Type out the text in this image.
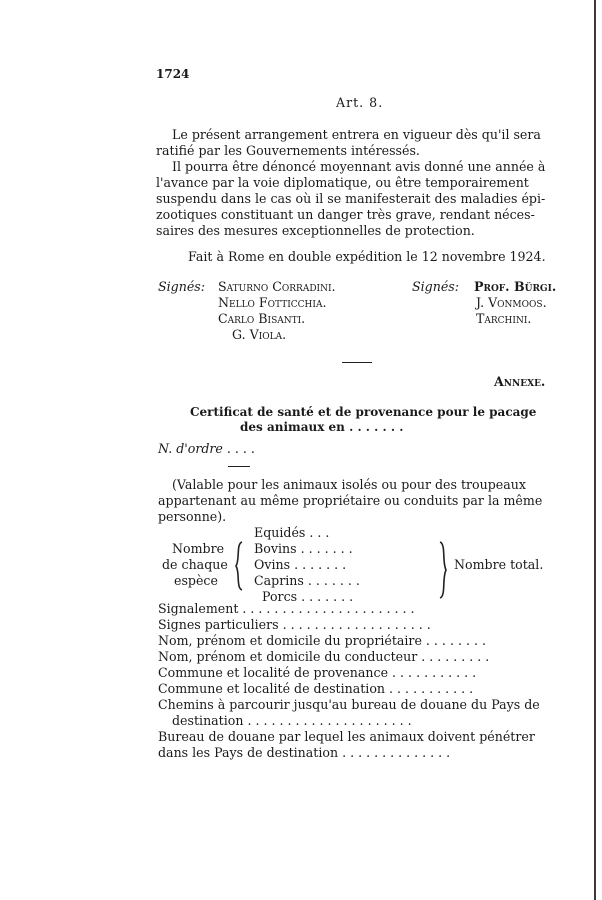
1724
Art. 8.
Le présent arrangement entrera en vigueur dès qu'il sera
ratifié par les Gouvernements intéressés.
Il pourra être dénoncé moyennant avis donné une année à
l'avance par la voie diplomatique, ou être temporairement
suspendu dans le cas où il se manifesterait des maladies épi-
zootiques constituant un danger très grave, rendant néces-
saires des mesures exceptionnelles de protection.
Fait à Rome en double expédition le 12 novembre 1924.
Signés: Saturno Corradini.
Nello Fotticchia.
Carlo Bisanti.
G. Viola.
Signés: Prof. Bürgi.
J. Vonmoos.
Tarchini.
Annexe.
Certificat de santé et de provenance pour le pacage
des animaux en . . . . . . .
N. d'ordre . . . .
(Valable pour les animaux isolés ou pour des troupeaux
appartenant au même propriétaire ou conduits par la même
personne).
Nombre
de chaque
espèce
Equidés . . .
Bovins . . . . . . .
Ovins . . . . . . .
Caprins . . . . . . .
Porcs . . . . . . .
Nombre total.
Signalement . . . . . . . . . . . . . . . . . . . . . .
Signes particuliers . . . . . . . . . . . . . . . . . . .
Nom, prénom et domicile du propriétaire . . . . . . . .
Nom, prénom et domicile du conducteur . . . . . . . . .
Commune et localité de provenance . . . . . . . . . . .
Commune et localité de destination . . . . . . . . . . .
Chemins à parcourir jusqu'au bureau de douane du Pays de
destination . . . . . . . . . . . . . . . . . . . . .
Bureau de douane par lequel les animaux doivent pénétrer
dans les Pays de destination . . . . . . . . . . . . . .
